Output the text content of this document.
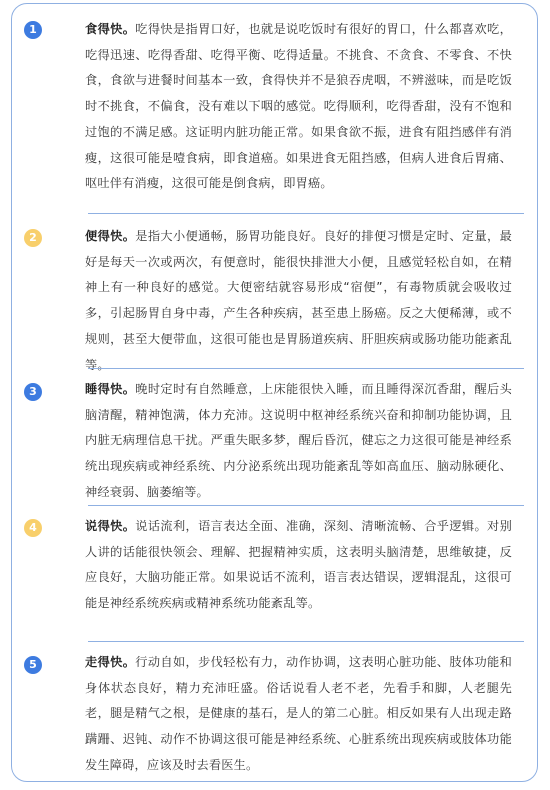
1	食得快。吃得快是指胃口好，也就是说吃饭时有很好的胃口，什么都喜欢吃，吃得迅速、吃得香甜、吃得平衡、吃得适量。不挑食、不贪食、不零食、不快食，食欲与进餐时间基本一致，食得快并不是狼吞虎咽，不辨滋味，而是吃饭时不挑食，不偏食，没有难以下咽的感觉。吃得顺利，吃得香甜，没有不饱和过饱的不满足感。这证明内脏功能正常。如果食欲不振，进食有阻挡感伴有消瘦，这很可能是噎食病，即食道癌。如果进食无阻挡感，但病人进食后胃痛、呕吐伴有消瘦，这很可能是倒食病，即胃癌。

2	便得快。是指大小便通畅，肠胃功能良好。良好的排便习惯是定时、定量，最好是每天一次或两次，有便意时，能很快排泄大小便，且感觉轻松自如，在精神上有一种良好的感觉。大便密结就容易形成“宿便”，有毒物质就会吸收过多，引起肠胃自身中毒，产生各种疾病，甚至患上肠癌。反之大便稀薄，或不规则，甚至大便带血，这很可能也是胃肠道疾病、肝胆疾病或肠功能功能紊乱等。

3	睡得快。晚时定时有自然睡意，上床能很快入睡，而且睡得深沉香甜，醒后头脑清醒，精神饱满，体力充沛。这说明中枢神经系统兴奋和抑制功能协调，且内脏无病理信息干扰。严重失眠多梦，醒后昏沉，健忘之力这很可能是神经系统出现疾病或神经系统、内分泌系统出现功能紊乱等如高血压、脑动脉硬化、神经衰弱、脑萎缩等。

4	说得快。说话流利，语言表达全面、准确，深刻、清晰流畅、合乎逻辑。对别人讲的话能很快领会、理解、把握精神实质，这表明头脑清楚，思维敏捷，反应良好，大脑功能正常。如果说话不流利，语言表达错误，逻辑混乱，这很可能是神经系统疾病或精神系统功能紊乱等。

5	走得快。行动自如，步伐轻松有力，动作协调，这表明心脏功能、肢体功能和身体状态良好，精力充沛旺盛。俗话说看人老不老，先看手和脚，人老腿先老，腿是精气之根，是健康的基石，是人的第二心脏。相反如果有人出现走路蹒跚、迟钝、动作不协调这很可能是神经系统、心脏系统出现疾病或肢体功能发生障碍，应该及时去看医生。
